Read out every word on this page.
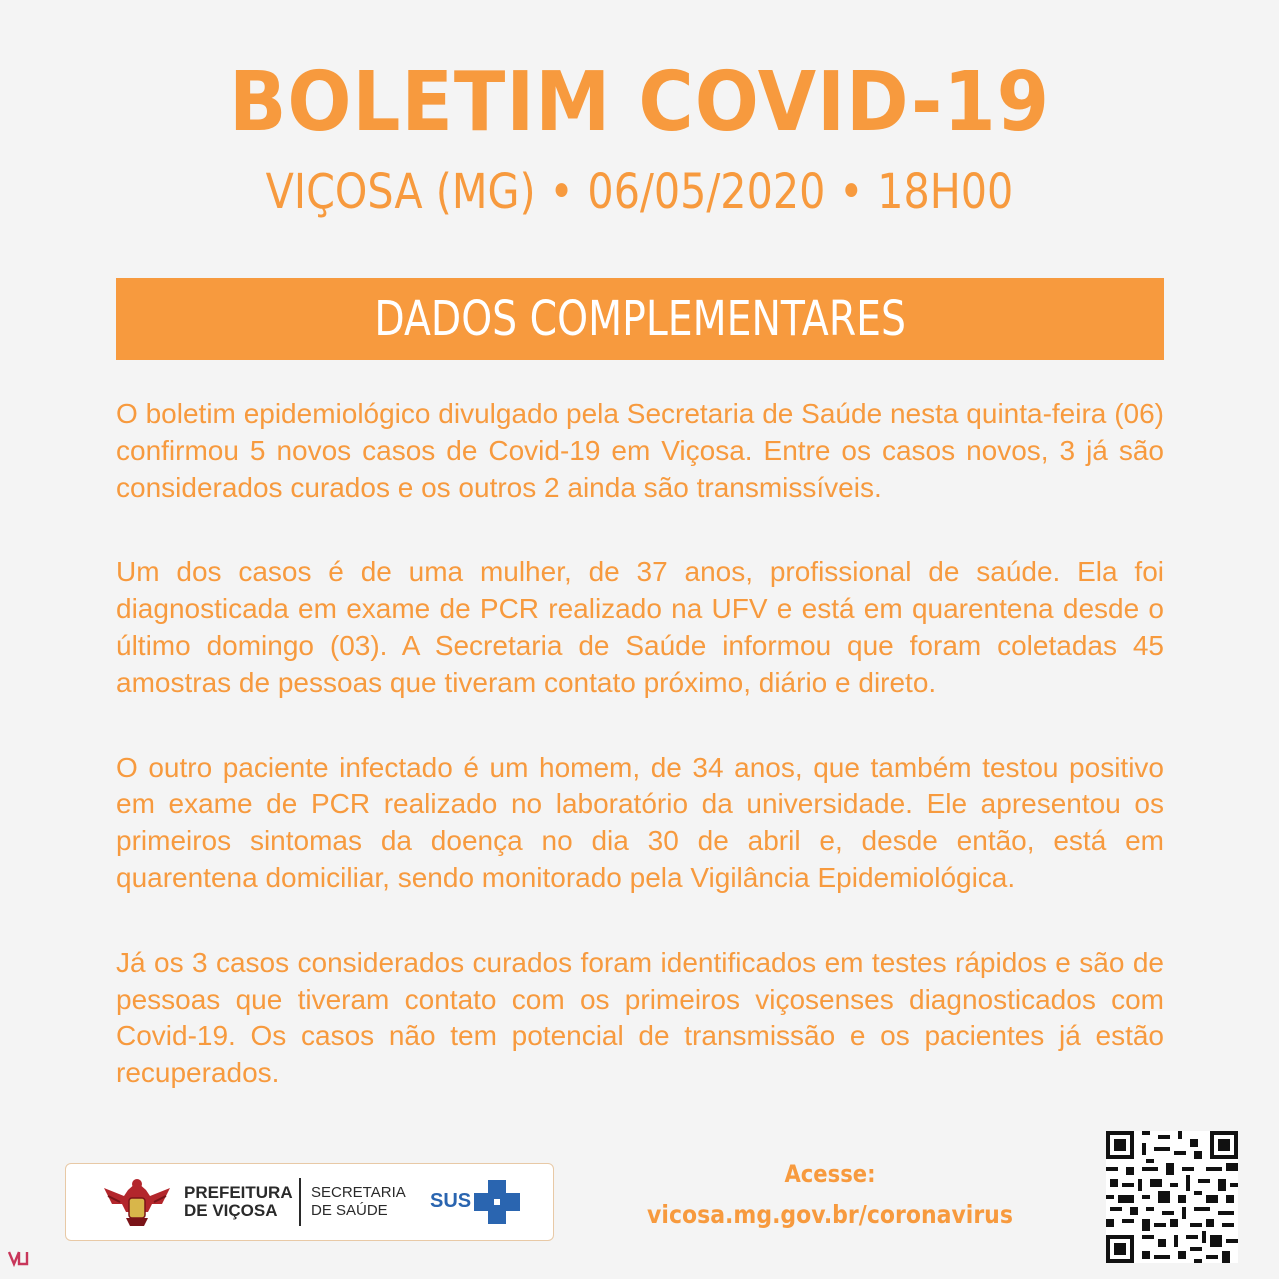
BOLETIM COVID-19
VIÇOSA (MG) • 06/05/2020 • 18H00
DADOS COMPLEMENTARES

O boletim epidemiológico divulgado pela Secretaria de Saúde nesta quinta-feira (06) confirmou 5 novos casos de Covid-19 em Viçosa. Entre os casos novos, 3 já são considerados curados e os outros 2 ainda são transmissíveis.

Um dos casos é de uma mulher, de 37 anos, profissional de saúde. Ela foi diagnosticada em exame de PCR realizado na UFV e está em quarentena desde o último domingo (03). A Secretaria de Saúde informou que foram coletadas 45 amostras de pessoas que tiveram contato próximo, diário e direto.

O outro paciente infectado é um homem, de 34 anos, que também testou positivo em exame de PCR realizado no laboratório da universidade. Ele apresentou os primeiros sintomas da doença no dia 30 de abril e, desde então, está em quarentena domiciliar, sendo monitorado pela Vigilância Epidemiológica.

Já os 3 casos considerados curados foram identificados em testes rápidos e são de pessoas que tiveram contato com os primeiros viçosenses diagnosticados com Covid-19. Os casos não tem potencial de transmissão e os pacientes já estão recuperados.

PREFEITURA
DE VIÇOSA
SECRETARIA
DE SAÚDE	SUS
Acesse:
vicosa.mg.gov.br/coronavirus
